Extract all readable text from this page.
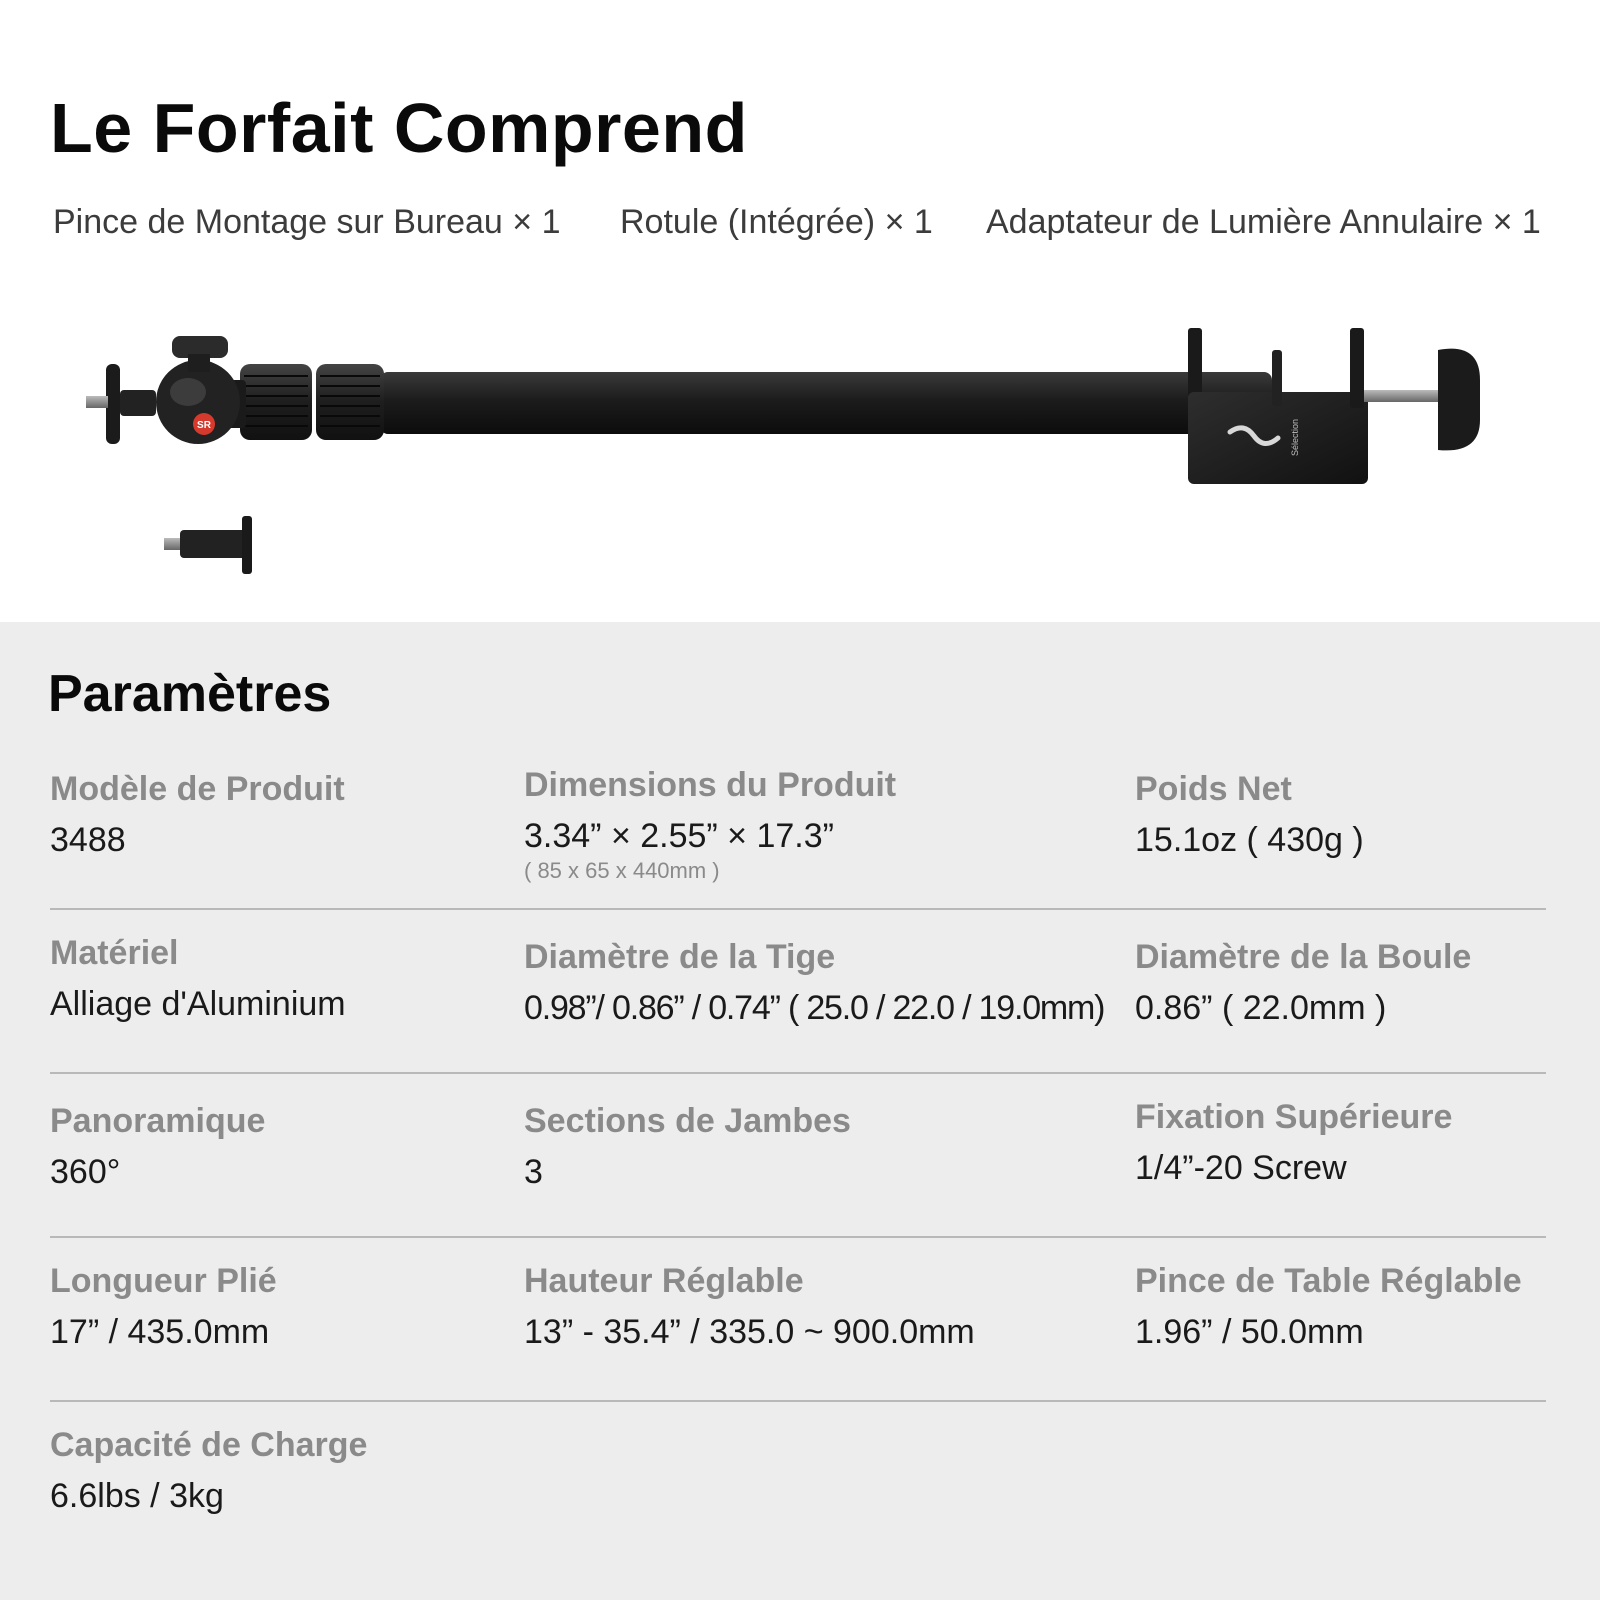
Le Forfait Comprend
Pince de Montage sur Bureau × 1 Rotule (Intégrée) × 1 Adaptateur de Lumière Annulaire × 1
SR	Sélection
Paramètres
Modèle de Produit
3488
Dimensions du Produit
3.34” × 2.55” × 17.3”
( 85 x 65 x 440mm )
Poids Net
15.1oz ( 430g )
Matériel
Alliage d'Aluminium
Diamètre de la Tige
0.98”/ 0.86” / 0.74” ( 25.0 / 22.0 / 19.0mm)
Diamètre de la Boule
0.86” ( 22.0mm )
Panoramique
360°
Sections de Jambes
3
Fixation Supérieure
1/4”-20 Screw
Longueur Plié
17” / 435.0mm
Hauteur Réglable
13” - 35.4” / 335.0 ~ 900.0mm
Pince de Table Réglable
1.96” / 50.0mm
Capacité de Charge
6.6lbs / 3kg
